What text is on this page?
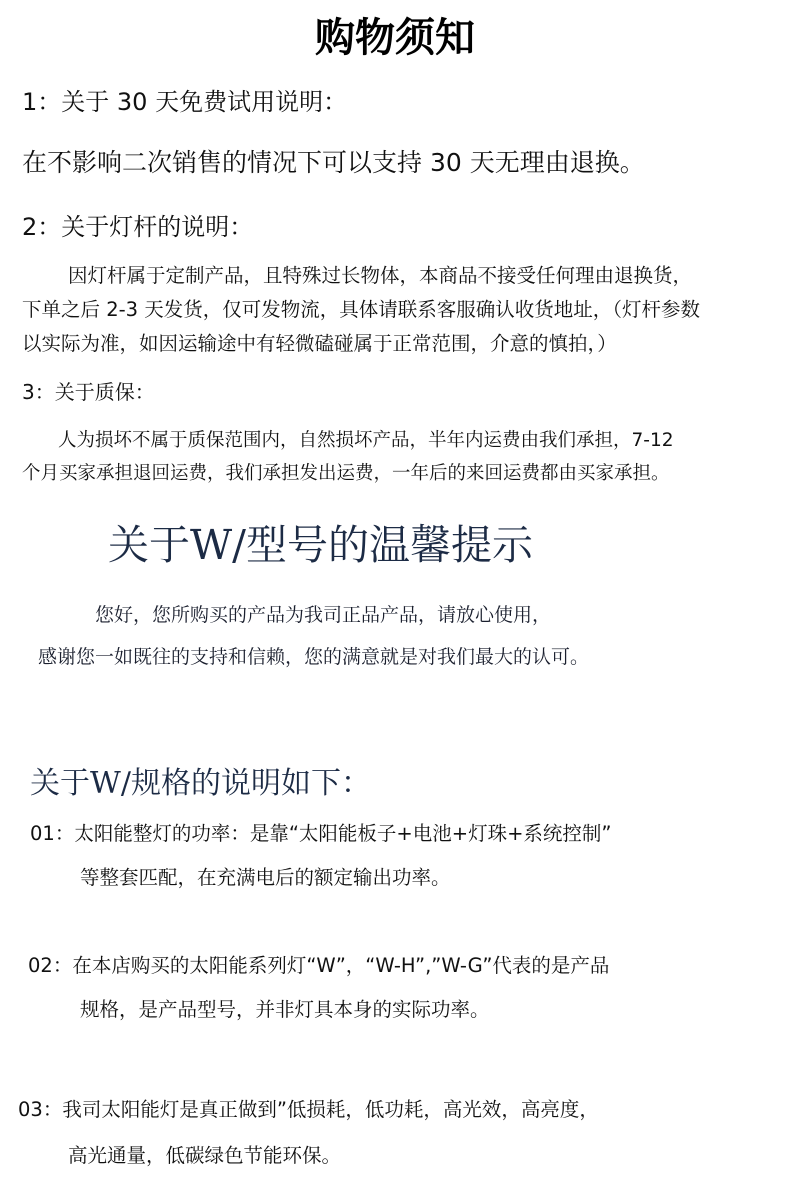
购物须知
1：关于 30 天免费试用说明：
在不影响二次销售的情况下可以支持 30 天无理由退换。
2：关于灯杆的说明：
因灯杆属于定制产品，且特殊过长物体，本商品不接受任何理由退换货，
下单之后 2-3 天发货，仅可发物流，具体请联系客服确认收货地址，（灯杆参数
以实际为准，如因运输途中有轻微磕碰属于正常范围，介意的慎拍，）
3：关于质保：
人为损坏不属于质保范围内，自然损坏产品，半年内运费由我们承担，7-12
个月买家承担退回运费，我们承担发出运费，一年后的来回运费都由买家承担。
关于W/型号的温馨提示
您好，您所购买的产品为我司正品产品，请放心使用，
感谢您一如既往的支持和信赖，您的满意就是对我们最大的认可。
关于W/规格的说明如下：
01：太阳能整灯的功率：是靠“太阳能板子+电池+灯珠+系统控制”
等整套匹配，在充满电后的额定输出功率。
02：在本店购买的太阳能系列灯“W”，“W-H”,”W-G”代表的是产品
规格，是产品型号，并非灯具本身的实际功率。
03：我司太阳能灯是真正做到”低损耗，低功耗，高光效，高亮度，
高光通量，低碳绿色节能环保。
